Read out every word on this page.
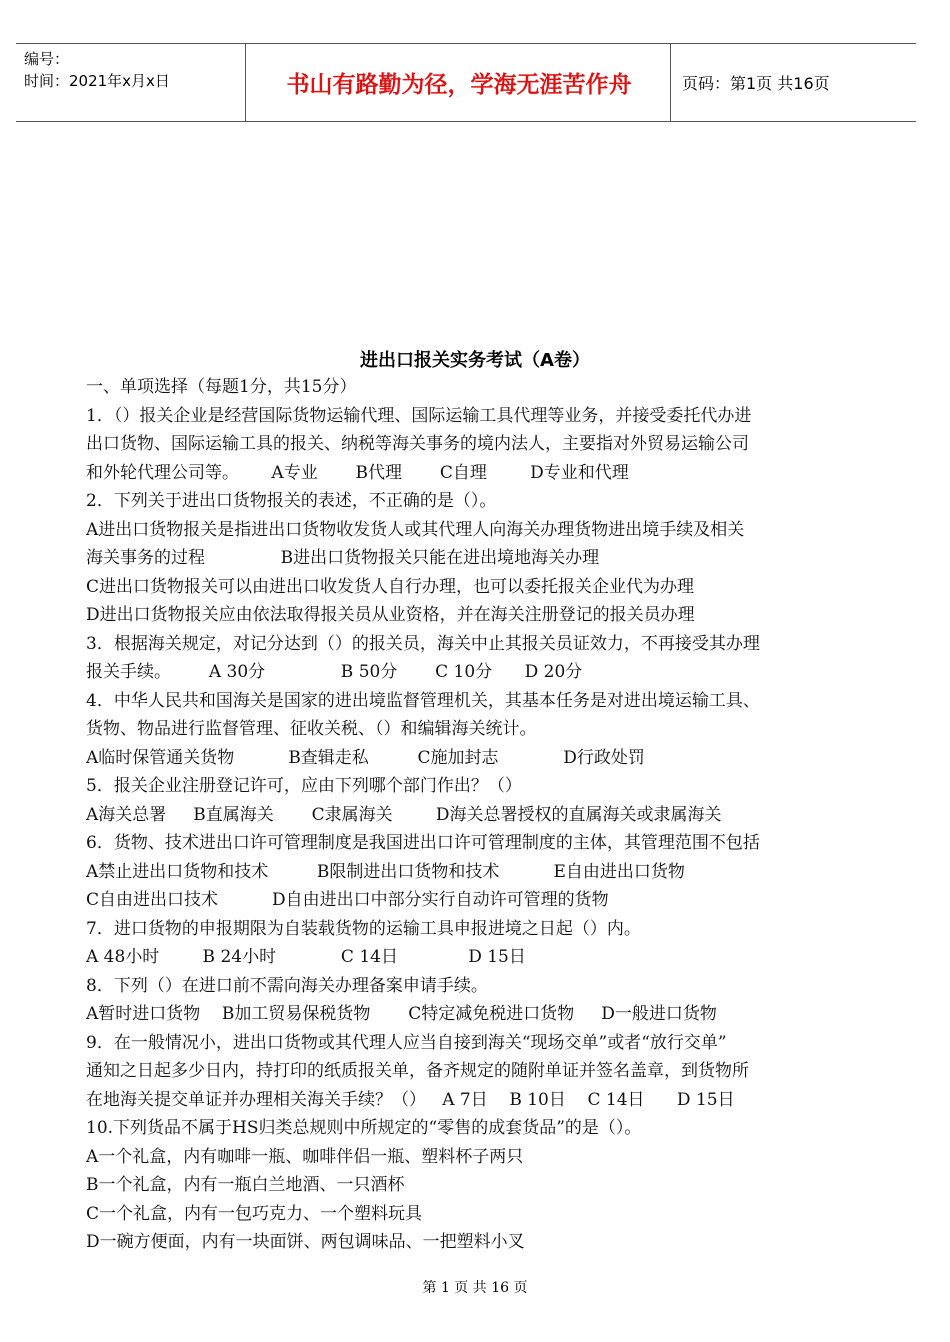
编号：
时间：2021年x月x日	书山有路勤为径，学海无涯苦作舟	页码：第1页 共16页
进出口报关实务考试（A卷）
一、单项选择（每题1分，共15分）
1．（）报关企业是经营国际货物运输代理、国际运输工具代理等业务，并接受委托代办进
出口货物、国际运输工具的报关、纳税等海关事务的境内法人，主要指对外贸易运输公司
和外轮代理公司等。      A专业       B代理       C自理        D专业和代理
2．下列关于进出口货物报关的表述，不正确的是（）。
A进出口货物报关是指进出口货物收发货人或其代理人向海关办理货物进出境手续及相关
海关事务的过程              B进出口货物报关只能在进出境地海关办理
C进出口货物报关可以由进出口收发货人自行办理，也可以委托报关企业代为办理
D进出口货物报关应由依法取得报关员从业资格，并在海关注册登记的报关员办理
3．根据海关规定，对记分达到（）的报关员，海关中止其报关员证效力，不再接受其办理
报关手续。       A 30分              B 50分       C 10分      D 20分
4．中华人民共和国海关是国家的进出境监督管理机关，其基本任务是对进出境运输工具、
货物、物品进行监督管理、征收关税、（）和编辑海关统计。
A临时保管通关货物          B查辑走私         C施加封志            D行政处罚
5．报关企业注册登记许可，应由下列哪个部门作出？（）
A海关总署     B直属海关       C隶属海关        D海关总署授权的直属海关或隶属海关
6．货物、技术进出口许可管理制度是我国进出口许可管理制度的主体，其管理范围不包括
A禁止进出口货物和技术         B限制进出口货物和技术          E自由进出口货物
C自由进出口技术          D自由进出口中部分实行自动许可管理的货物
7．进口货物的申报期限为自装载货物的运输工具申报进境之日起（）内。
A 48小时        B 24小时            C 14日             D 15日
8．下列（）在进口前不需向海关办理备案申请手续。
A暂时进口货物    B加工贸易保税货物       C特定减免税进口货物     D一般进口货物
9．在一般情况小，进出口货物或其代理人应当自接到海关“现场交单”或者“放行交单”
通知之日起多少日内，持打印的纸质报关单，备齐规定的随附单证并签名盖章，到货物所
在地海关提交单证并办理相关海关手续？（）   A 7日    B 10日    C 14日      D 15日
10.下列货品不属于HS归类总规则中所规定的“零售的成套货品”的是（）。
A一个礼盒，内有咖啡一瓶、咖啡伴侣一瓶、塑料杯子两只
B一个礼盒，内有一瓶白兰地酒、一只酒杯
C一个礼盒，内有一包巧克力、一个塑料玩具
D一碗方便面，内有一块面饼、两包调味品、一把塑料小叉
第 1 页 共 16 页
